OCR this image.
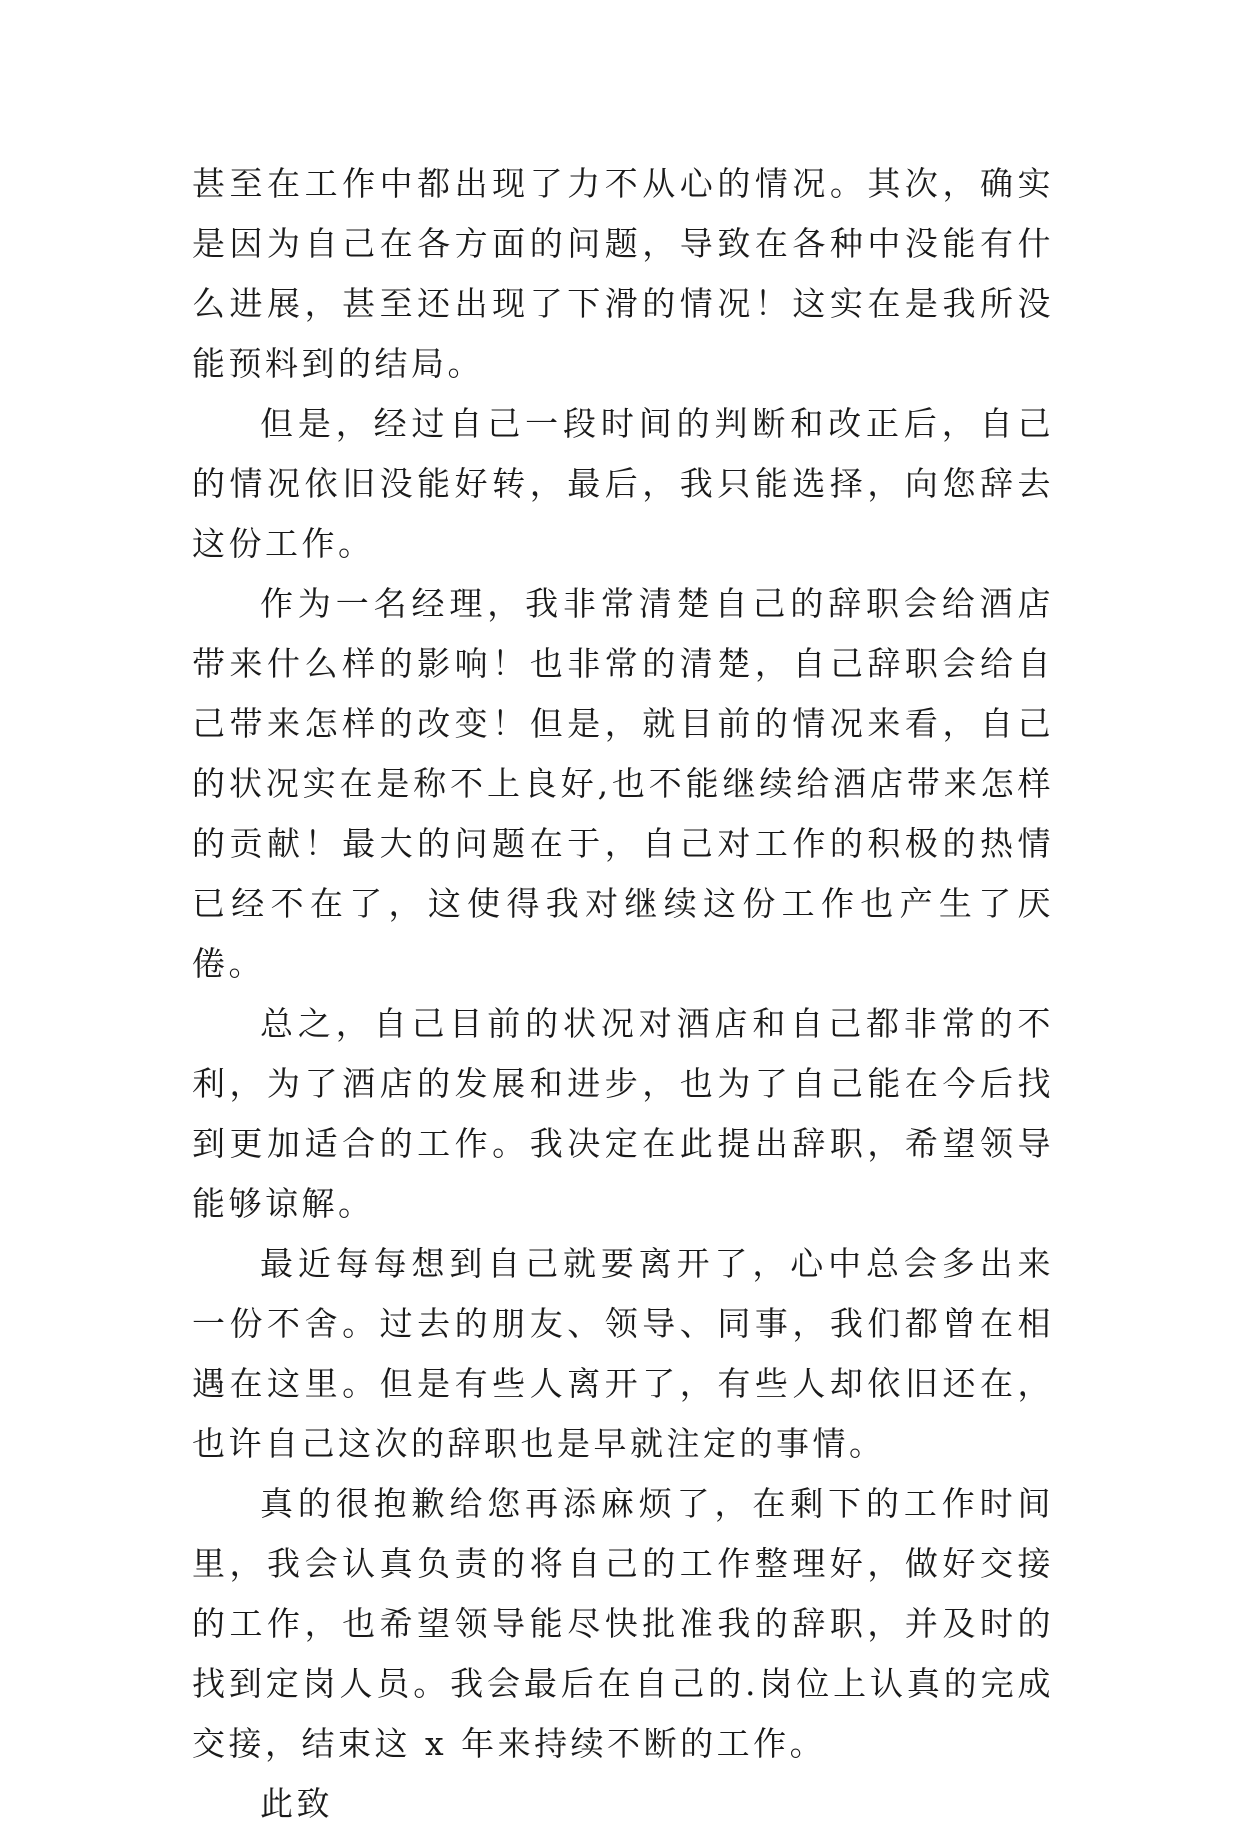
甚至在工作中都出现了力不从心的情况。其次，确实是因为自己在各方面的问题，导致在各种中没能有什么进展，甚至还出现了下滑的情况！这实在是我所没能预料到的结局。

但是，经过自己一段时间的判断和改正后，自己的情况依旧没能好转，最后，我只能选择，向您辞去这份工作。

作为一名经理，我非常清楚自己的辞职会给酒店带来什么样的影响！也非常的清楚，自己辞职会给自己带来怎样的改变！但是，就目前的情况来看，自己的状况实在是称不上良好,也不能继续给酒店带来怎样的贡献！最大的问题在于，自己对工作的积极的热情已经不在了，这使得我对继续这份工作也产生了厌倦。

总之，自己目前的状况对酒店和自己都非常的不利，为了酒店的发展和进步，也为了自己能在今后找到更加适合的工作。我决定在此提出辞职，希望领导能够谅解。

最近每每想到自己就要离开了，心中总会多出来一份不舍。过去的朋友、领导、同事，我们都曾在相遇在这里。但是有些人离开了，有些人却依旧还在，也许自己这次的辞职也是早就注定的事情。

真的很抱歉给您再添麻烦了，在剩下的工作时间里，我会认真负责的将自己的工作整理好，做好交接的工作，也希望领导能尽快批准我的辞职，并及时的找到定岗人员。我会最后在自己的.岗位上认真的完成交接，结束这 x 年来持续不断的工作。

此致
